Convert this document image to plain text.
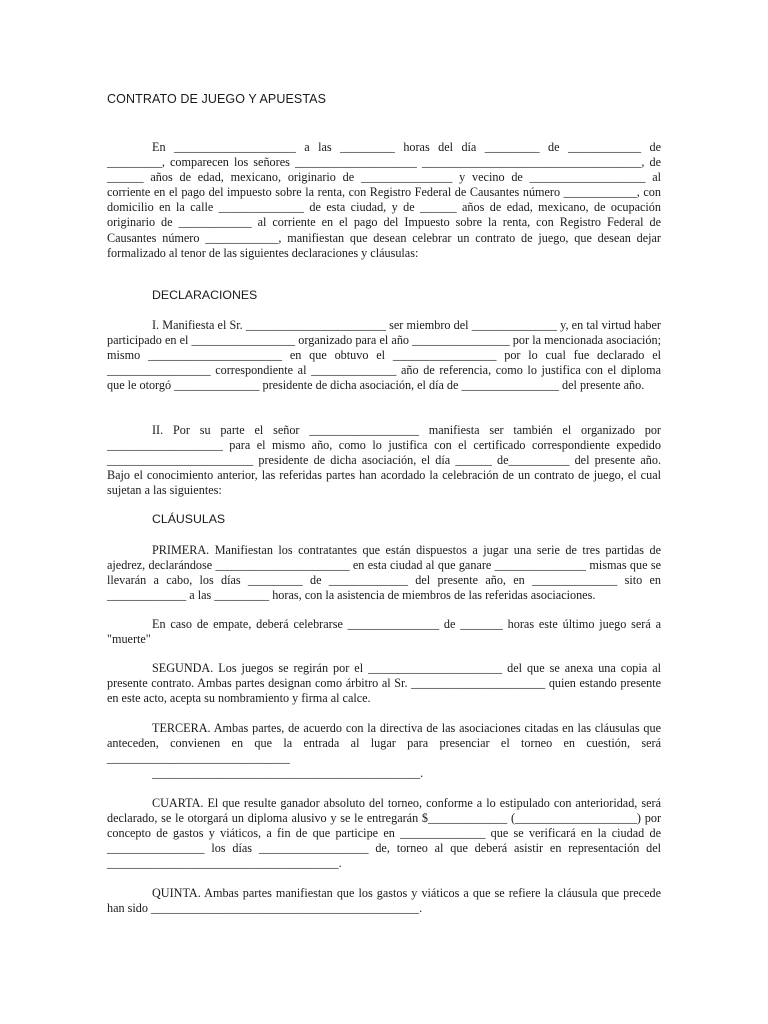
CONTRATO DE JUEGO Y APUESTAS

En ____________________ a las _________ horas del día _________ de ____________ de _________, comparecen los señores ____________________ ____________________________________, de ______ años de edad, mexicano, originario de _______________ y vecino de ___________________ al corriente en el pago del impuesto sobre la renta, con Registro Federal de Causantes número ____________, con domicilio en la calle ______________ de esta ciudad, y de ______ años de edad, mexicano, de ocupación originario de ____________ al corriente en el pago del Impuesto sobre la renta, con Registro Federal de Causantes número ____________, manifiestan que desean celebrar un contrato de juego, que desean dejar formalizado al tenor de las siguientes declaraciones y cláusulas:

DECLARACIONES

I. Manifiesta el Sr. _______________________ ser miembro del ______________ y, en tal virtud haber participado en el _________________ organizado para el año ________________ por la mencionada asociación; mismo ______________________ en que obtuvo el _________________ por lo cual fue declarado el _________________ correspondiente al ______________ año de referencia, como lo justifica con el diploma que le otorgó ______________ presidente de dicha asociación, el día de ________________ del presente año.

II. Por su parte el señor __________________ manifiesta ser también el organizado por ___________________ para el mismo año, como lo justifica con el certificado correspondiente expedido ________________________ presidente de dicha asociación, el día ______ de__________ del presente año. Bajo el conocimiento anterior, las referidas partes han acordado la celebración de un contrato de juego, el cual sujetan a las siguientes:

CLÁUSULAS

PRIMERA. Manifiestan los contratantes que están dispuestos a jugar una serie de tres partidas de ajedrez, declarándose ______________________ en esta ciudad al que ganare _______________ mismas que se llevarán a cabo, los días _________ de _____________ del presente año, en ______________ sito en _____________ a las _________ horas, con la asistencia de miembros de las referidas asociaciones.

En caso de empate, deberá celebrarse _______________ de _______ horas este último juego será a "muerte"

SEGUNDA. Los juegos se regirán por el ______________________ del que se anexa una copia al presente contrato. Ambas partes designan como árbitro al Sr. ______________________ quien estando presente en este acto, acepta su nombramiento y firma al calce.

TERCERA. Ambas partes, de acuerdo con la directiva de las asociaciones citadas en las cláusulas que anteceden, convienen en que la entrada al lugar para presenciar el torneo en cuestión, será ______________________________

____________________________________________.

CUARTA. El que resulte ganador absoluto del torneo, conforme a lo estipulado con anterioridad, será declarado, se le otorgará un diploma alusivo y se le entregarán $_____________ (____________________) por concepto de gastos y viáticos, a fin de que participe en ______________ que se verificará en la ciudad de ________________ los días __________________ de, torneo al que deberá asistir en representación del ______________________________________.

QUINTA. Ambas partes manifiestan que los gastos y viáticos a que se refiere la cláusula que precede han sido ____________________________________________.
